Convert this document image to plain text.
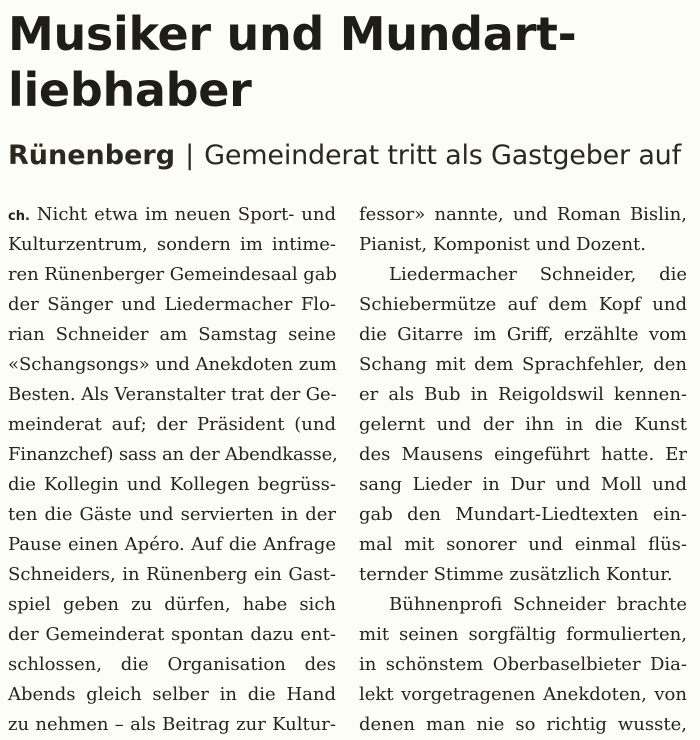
Musiker und Mundart-
liebhaber

Rünenberg | Gemeinderat tritt als Gastgeber auf

ch. Nicht etwa im neuen Sport- und
Kulturzentrum, sondern im intime-
ren Rünenberger Gemeindesaal gab
der Sänger und Liedermacher Flo-
rian Schneider am Samstag seine
«Schangsongs» und Anekdoten zum
Besten. Als Veranstalter trat der Ge-
meinderat auf; der Präsident (und
Finanzchef) sass an der Abendkasse,
die Kollegin und Kollegen begrüss-
ten die Gäste und servierten in der
Pause einen Apéro. Auf die Anfrage
Schneiders, in Rünenberg ein Gast-
spiel geben zu dürfen, habe sich
der Gemeinderat spontan dazu ent-
schlossen, die Organisation des
Abends gleich selber in die Hand
zu nehmen – als Beitrag zur Kultur-
fessor» nannte, und Roman Bislin,
Pianist, Komponist und Dozent.
Liedermacher Schneider, die
Schiebermütze auf dem Kopf und
die Gitarre im Griff, erzählte vom
Schang mit dem Sprachfehler, den
er als Bub in Reigoldswil kennen-
gelernt und der ihn in die Kunst
des Mausens eingeführt hatte. Er
sang Lieder in Dur und Moll und
gab den Mundart-Liedtexten ein-
mal mit sonorer und einmal flüs-
ternder Stimme zusätzlich Kontur.
Bühnenprofi Schneider brachte
mit seinen sorgfältig formulierten,
in schönstem Oberbaselbieter Dia-
lekt vorgetragenen Anekdoten, von
denen man nie so richtig wusste,
